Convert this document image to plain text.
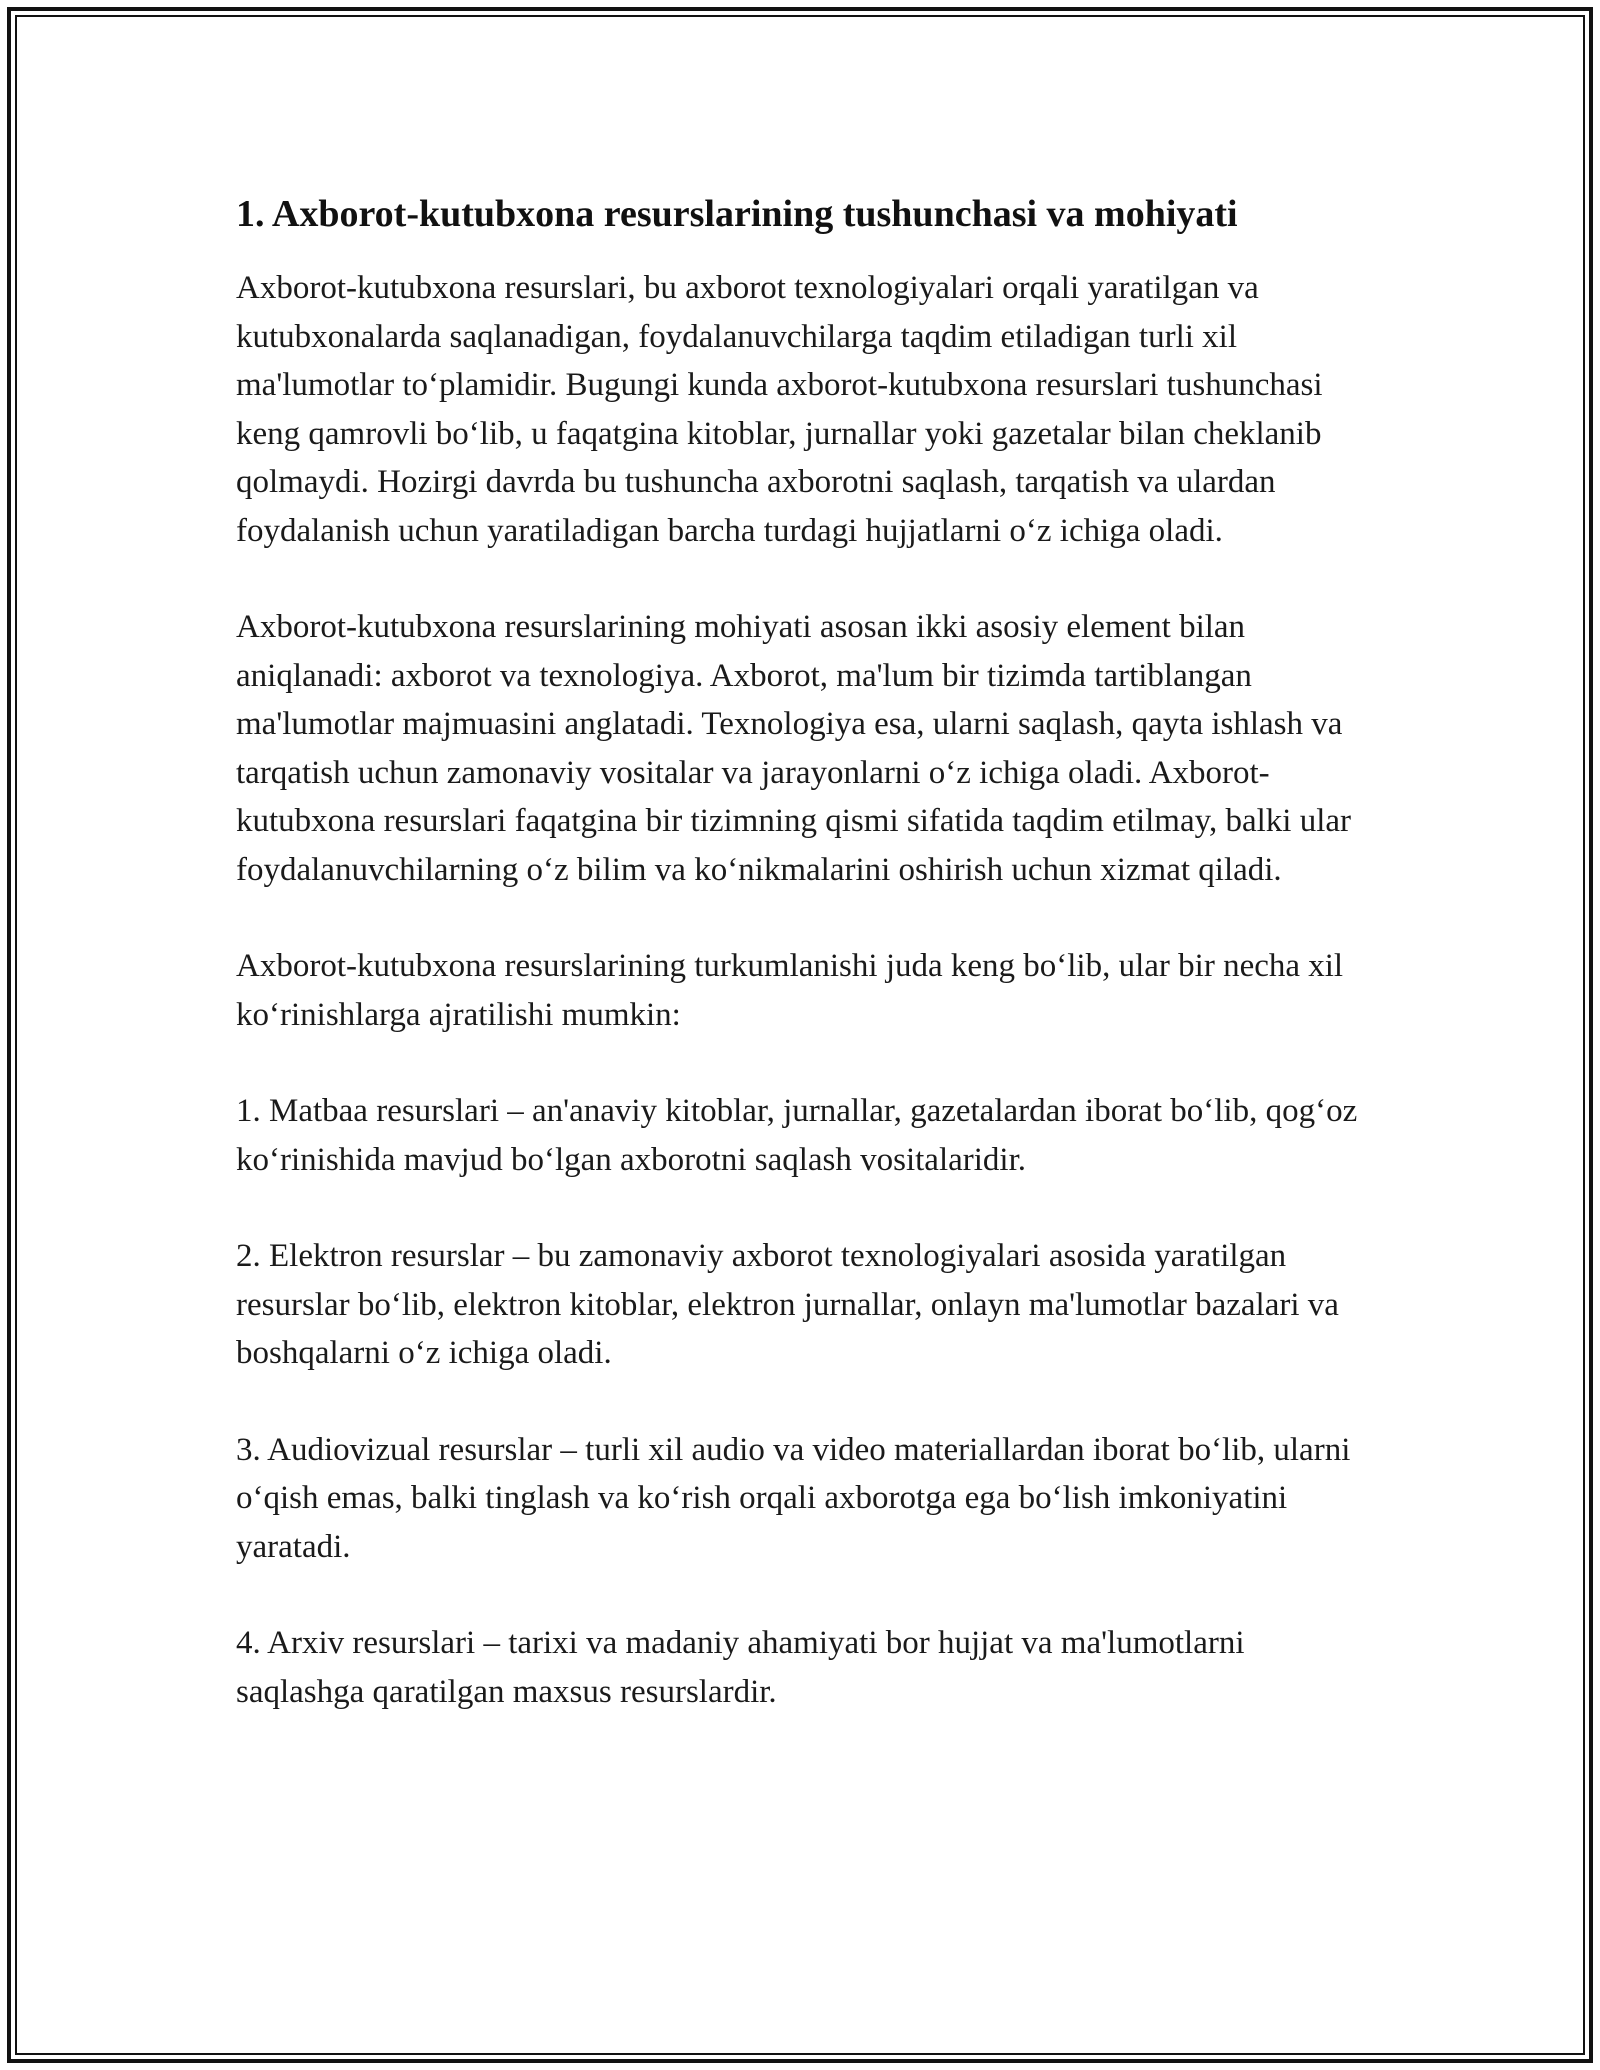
1. Axborot-kutubxona resurslarining tushunchasi va mohiyati

Axborot-kutubxona resurslari, bu axborot texnologiyalari orqali yaratilgan va kutubxonalarda saqlanadigan, foydalanuvchilarga taqdim etiladigan turli xil ma'lumotlar to‘plamidir. Bugungi kunda axborot-kutubxona resurslari tushunchasi keng qamrovli bo‘lib, u faqatgina kitoblar, jurnallar yoki gazetalar bilan cheklanib qolmaydi. Hozirgi davrda bu tushuncha axborotni saqlash, tarqatish va ulardan foydalanish uchun yaratiladigan barcha turdagi hujjatlarni o‘z ichiga oladi.

Axborot-kutubxona resurslarining mohiyati asosan ikki asosiy element bilan aniqlanadi: axborot va texnologiya. Axborot, ma'lum bir tizimda tartiblangan ma'lumotlar majmuasini anglatadi. Texnologiya esa, ularni saqlash, qayta ishlash va tarqatish uchun zamonaviy vositalar va jarayonlarni o‘z ichiga oladi. Axborot-kutubxona resurslari faqatgina bir tizimning qismi sifatida taqdim etilmay, balki ular foydalanuvchilarning o‘z bilim va ko‘nikmalarini oshirish uchun xizmat qiladi.

Axborot-kutubxona resurslarining turkumlanishi juda keng bo‘lib, ular bir necha xil ko‘rinishlarga ajratilishi mumkin:

1. Matbaa resurslari – an'anaviy kitoblar, jurnallar, gazetalardan iborat bo‘lib, qog‘oz ko‘rinishida mavjud bo‘lgan axborotni saqlash vositalaridir.

2. Elektron resurslar – bu zamonaviy axborot texnologiyalari asosida yaratilgan resurslar bo‘lib, elektron kitoblar, elektron jurnallar, onlayn ma'lumotlar bazalari va boshqalarni o‘z ichiga oladi.

3. Audiovizual resurslar – turli xil audio va video materiallardan iborat bo‘lib, ularni o‘qish emas, balki tinglash va ko‘rish orqali axborotga ega bo‘lish imkoniyatini yaratadi.

4. Arxiv resurslari – tarixi va madaniy ahamiyati bor hujjat va ma'lumotlarni saqlashga qaratilgan maxsus resurslardir.
